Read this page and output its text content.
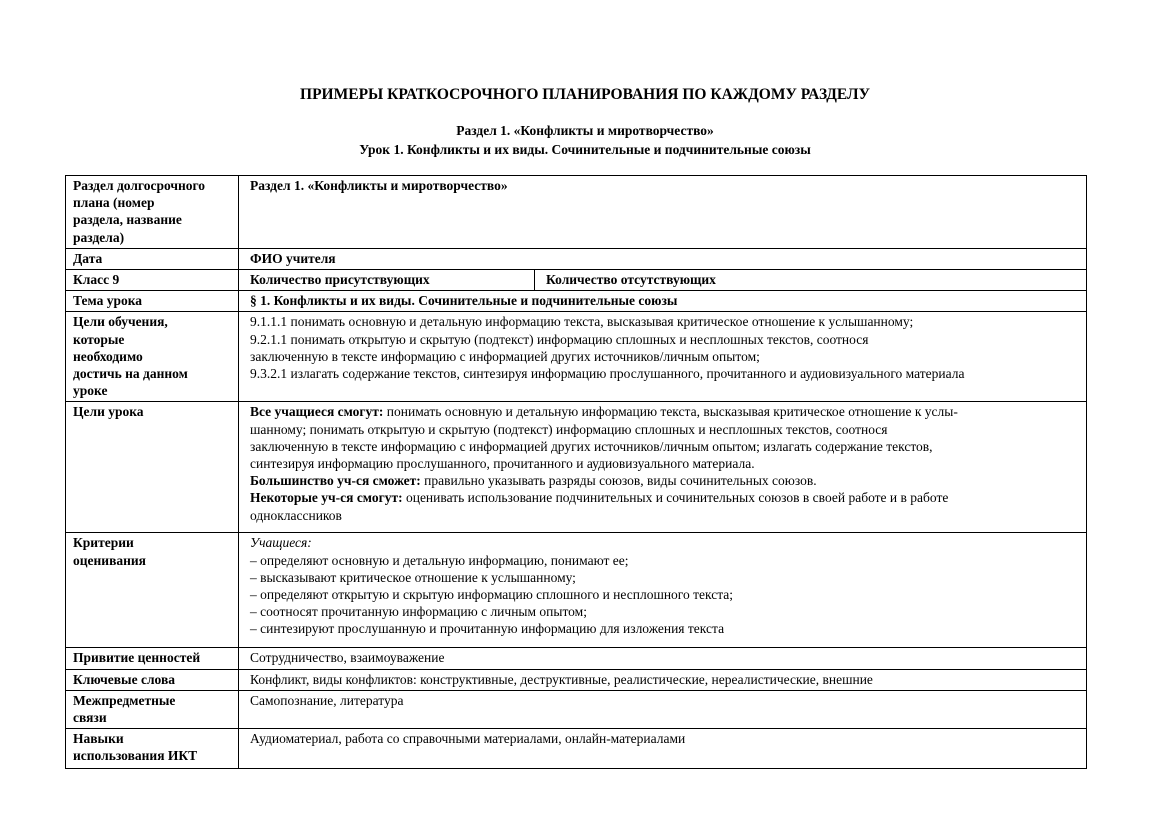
ПРИМЕРЫ КРАТКОСРОЧНОГО ПЛАНИРОВАНИЯ ПО КАЖДОМУ РАЗДЕЛУ
Раздел 1. «Конфликты и миротворчество»
Урок 1. Конфликты и их виды. Сочинительные и подчинительные союзы
Раздел долгосрочного
плана (номер
раздела, название
раздела)	Раздел 1. «Конфликты и миротворчество»	
Дата	ФИО учителя	
Класс 9	Количество присутствующих	Количество отсутствующих
Тема урока	§ 1. Конфликты и их виды. Сочинительные и подчинительные союзы	
Цели обучения,
которые
необходимо
достичь на данном
уроке	9.1.1.1 понимать основную и детальную информацию текста, высказывая критическое отношение к услышанному;
9.2.1.1 понимать открытую и скрытую (подтекст) информацию сплошных и несплошных текстов, соотнося
заключенную в тексте информацию с информацией других источников/личным опытом;
9.3.2.1 излагать содержание текстов, синтезируя информацию прослушанного, прочитанного и аудиовизуального материала
Цели урока	Все учащиеся смогут: понимать основную и детальную информацию текста, высказывая критическое отношение к услы-
шанному; понимать открытую и скрытую (подтекст) информацию сплошных и несплошных текстов, соотнося
заключенную в тексте информацию с информацией других источников/личным опытом; излагать содержание текстов,
синтезируя информацию прослушанного, прочитанного и аудиовизуального материала.
Большинство уч-ся сможет: правильно указывать разряды союзов, виды сочинительных союзов.
Некоторые уч-ся смогут: оценивать использование подчинительных и сочинительных союзов в своей работе и в работе
одноклассников
Критерии
оценивания	Учащиеся:
– определяют основную и детальную информацию, понимают ее;
– высказывают критическое отношение к услышанному;
– определяют открытую и скрытую информацию сплошного и несплошного текста;
– соотносят прочитанную информацию с личным опытом;
– синтезируют прослушанную и прочитанную информацию для изложения текста
Привитие ценностей	Сотрудничество, взаимоуважение	
Ключевые слова	Конфликт, виды конфликтов: конструктивные, деструктивные, реалистические, нереалистические, внешние	
Межпредметные
связи	Самопознание, литература	
Навыки
использования ИКТ	Аудиоматериал, работа со справочными материалами, онлайн-материалами	
